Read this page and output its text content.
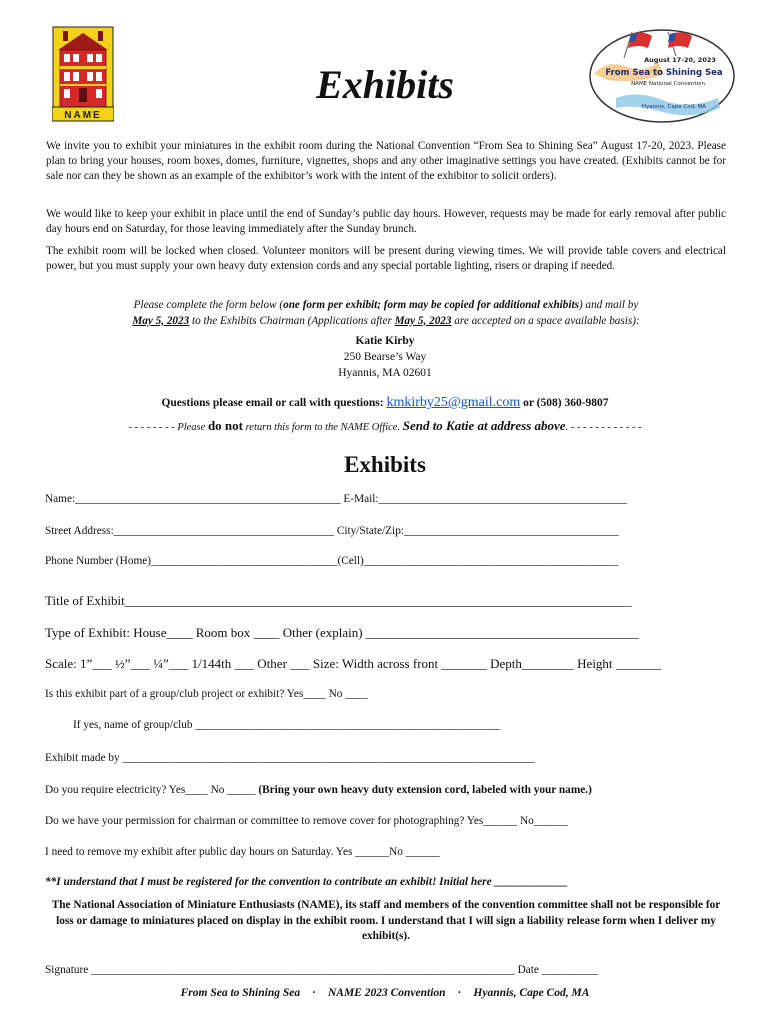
NAME
August 17-20, 2023
From Sea to Shining Sea
NAME National Convention
Hyannis, Cape Cod, MA
Exhibits
We invite you to exhibit your miniatures in the exhibit room during the National Convention “From Sea to Shining Sea” August 17-20, 2023. Please plan to bring your houses, room boxes, domes, furniture, vignettes, shops and any other imaginative settings you have created. (Exhibits cannot be for sale nor can they be shown as an example of the exhibitor’s work with the intent of the exhibitor to solicit orders).
We would like to keep your exhibit in place until the end of Sunday’s public day hours. However, requests may be made for early removal after public day hours end on Saturday, for those leaving immediately after the Sunday brunch.
The exhibit room will be locked when closed. Volunteer monitors will be present during viewing times. We will provide table covers and electrical power, but you must supply your own heavy duty extension cords and any special portable lighting, risers or draping if needed.
Please complete the form below (one form per exhibit; form may be copied for additional exhibits) and mail by
May 5, 2023 to the Exhibits Chairman (Applications after May 5, 2023 are accepted on a space available basis):
Katie Kirby
250 Bearse’s Way
Hyannis, MA 02601
Questions please email or call with questions: kmkirby25@gmail.com or (508) 360-9807
- - - - - - - - Please do not return this form to the NAME Office. Send to Katie at address above. - - - - - - - - - - - -
Exhibits
Name:_______________________________________________ E-Mail:____________________________________________
Street Address:_______________________________________ City/State/Zip:______________________________________
Phone Number (Home)_________________________________(Cell)_____________________________________________
Title of Exhibit______________________________________________________________________________
Type of Exhibit: House____ Room box ____ Other (explain) __________________________________________
Scale: 1”___ ½”___ ¼”___ 1/144th ___ Other ___ Size: Width across front _______ Depth________ Height _______
Is this exhibit part of a group/club project or exhibit? Yes____ No ____
If yes, name of group/club ______________________________________________________
Exhibit made by _________________________________________________________________________
Do you require electricity? Yes____ No _____ (Bring your own heavy duty extension cord, labeled with your name.)
Do we have your permission for chairman or committee to remove cover for photographing? Yes______ No______
I need to remove my exhibit after public day hours on Saturday. Yes ______No ______
**I understand that I must be registered for the convention to contribute an exhibit! Initial here _____________
The National Association of Miniature Enthusiasts (NAME), its staff and members of the convention committee shall not be responsible for loss or damage to miniatures placed on display in the exhibit room. I understand that I will sign a liability release form when I deliver my exhibit(s).
Signature ___________________________________________________________________________ Date __________
From Sea to Shining Sea · NAME 2023 Convention · Hyannis, Cape Cod, MA
